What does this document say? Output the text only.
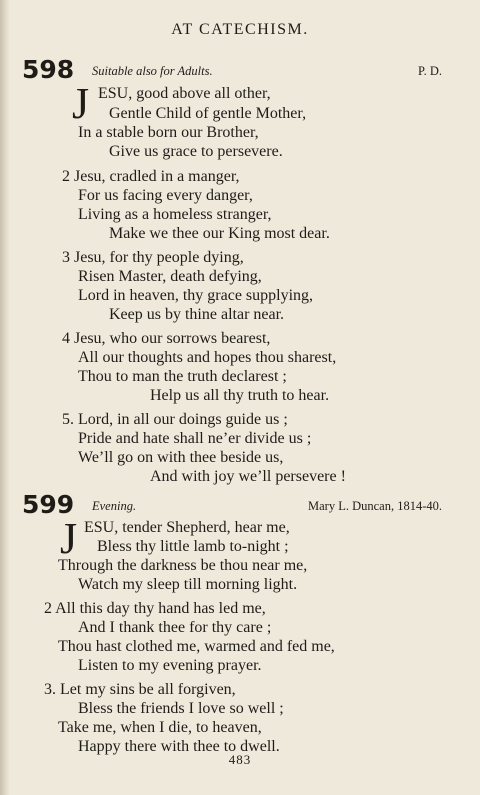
AT CATECHISM.
598 Suitable also for Adults.	P. D.
J ESU, good above all other,
Gentle Child of gentle Mother,
In a stable born our Brother,
Give us grace to persevere.
2 Jesu, cradled in a manger,
For us facing every danger,
Living as a homeless stranger,
Make we thee our King most dear.
3 Jesu, for thy people dying,
Risen Master, death defying,
Lord in heaven, thy grace supplying,
Keep us by thine altar near.
4 Jesu, who our sorrows bearest,
All our thoughts and hopes thou sharest,
Thou to man the truth declarest ;
Help us all thy truth to hear.
5. Lord, in all our doings guide us ;
Pride and hate shall ne’er divide us ;
We’ll go on with thee beside us,
And with joy we’ll persevere !
599 Evening.	Mary L. Duncan, 1814-40.
J ESU, tender Shepherd, hear me,
Bless thy little lamb to-night ;
Through the darkness be thou near me,
Watch my sleep till morning light.
2 All this day thy hand has led me,
And I thank thee for thy care ;
Thou hast clothed me, warmed and fed me,
Listen to my evening prayer.
3. Let my sins be all forgiven,
Bless the friends I love so well ;
Take me, when I die, to heaven,
Happy there with thee to dwell.
483
